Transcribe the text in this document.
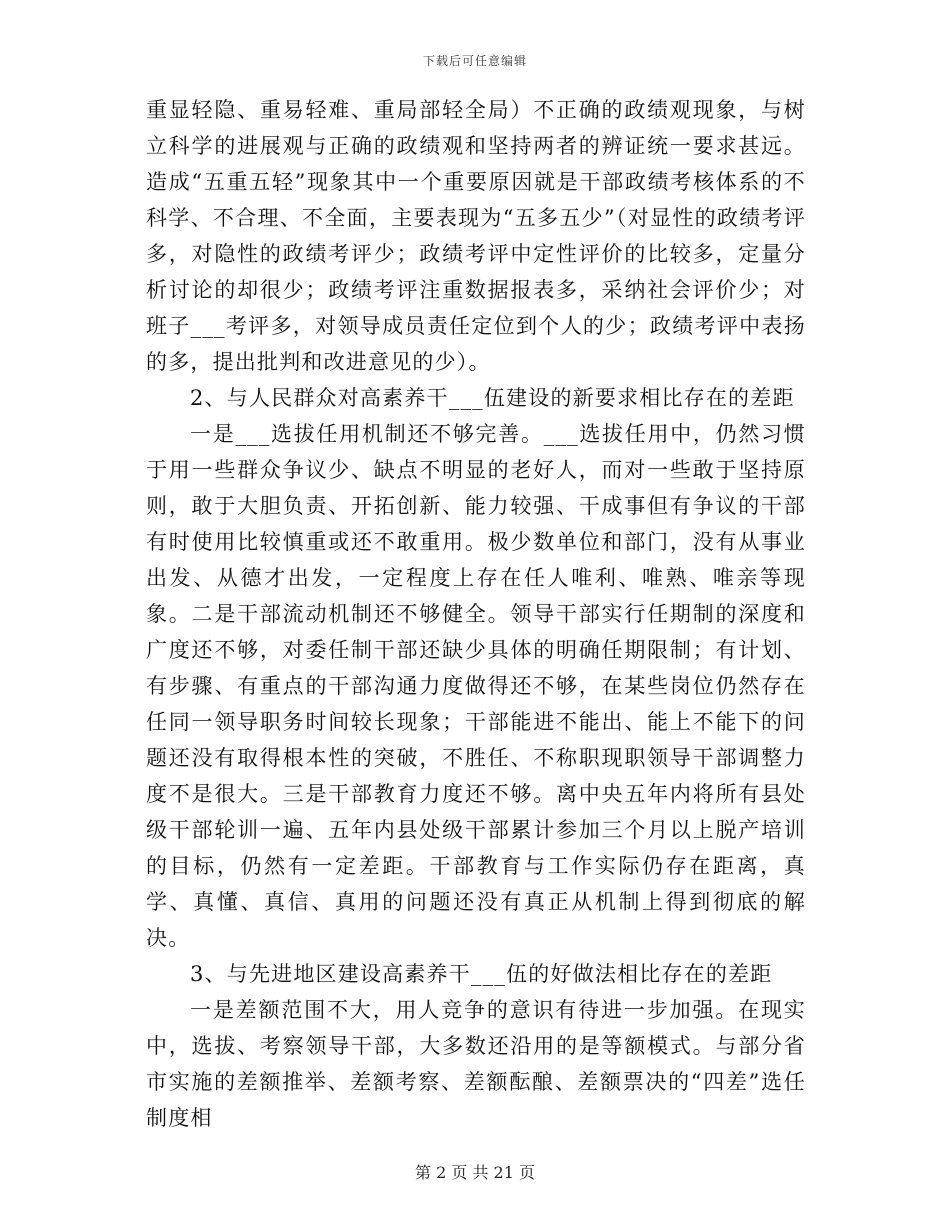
下载后可任意编辑

重显轻隐、重易轻难、重局部轻全局）不正确的政绩观现象，与树立科学的进展观与正确的政绩观和坚持两者的辨证统一要求甚远。造成“五重五轻”现象其中一个重要原因就是干部政绩考核体系的不科学、不合理、不全面，主要表现为“五多五少”（对显性的政绩考评多，对隐性的政绩考评少；政绩考评中定性评价的比较多，定量分析讨论的却很少；政绩考评注重数据报表多，采纳社会评价少；对班子___考评多，对领导成员责任定位到个人的少；政绩考评中表扬的多，提出批判和改进意见的少）。

2、与人民群众对高素养干___伍建设的新要求相比存在的差距

一是___选拔任用机制还不够完善。___选拔任用中，仍然习惯于用一些群众争议少、缺点不明显的老好人，而对一些敢于坚持原则，敢于大胆负责、开拓创新、能力较强、干成事但有争议的干部有时使用比较慎重或还不敢重用。极少数单位和部门，没有从事业出发、从德才出发，一定程度上存在任人唯利、唯熟、唯亲等现象。二是干部流动机制还不够健全。领导干部实行任期制的深度和广度还不够，对委任制干部还缺少具体的明确任期限制；有计划、有步骤、有重点的干部沟通力度做得还不够，在某些岗位仍然存在任同一领导职务时间较长现象；干部能进不能出、能上不能下的问题还没有取得根本性的突破，不胜任、不称职现职领导干部调整力度不是很大。三是干部教育力度还不够。离中央五年内将所有县处级干部轮训一遍、五年内县处级干部累计参加三个月以上脱产培训的目标，仍然有一定差距。干部教育与工作实际仍存在距离，真学、真懂、真信、真用的问题还没有真正从机制上得到彻底的解决。

3、与先进地区建设高素养干___伍的好做法相比存在的差距

一是差额范围不大，用人竞争的意识有待进一步加强。在现实中，选拔、考察领导干部，大多数还沿用的是等额模式。与部分省市实施的差额推举、差额考察、差额酝酿、差额票决的“四差”选任制度相

第 2 页 共 21 页
